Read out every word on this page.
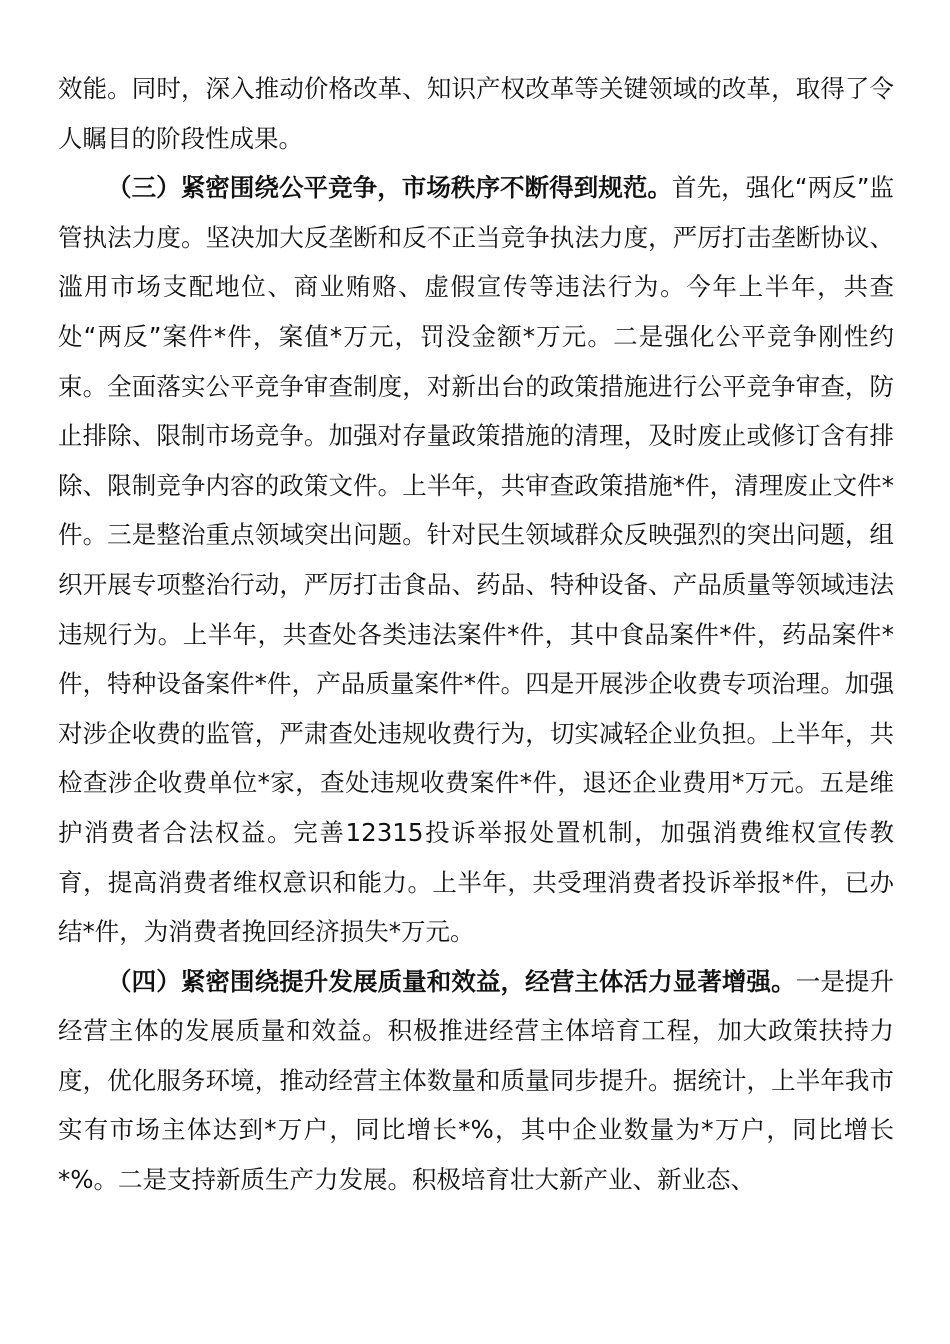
效能。同时，深入推动价格改革、知识产权改革等关键领域的改革，取得了令人瞩目的阶段性成果。

（三）紧密围绕公平竞争，市场秩序不断得到规范。首先，强化“两反”监管执法力度。坚决加大反垄断和反不正当竞争执法力度，严厉打击垄断协议、滥用市场支配地位、商业贿赂、虚假宣传等违法行为。今年上半年，共查处“两反”案件*件，案值*万元，罚没金额*万元。二是强化公平竞争刚性约束。全面落实公平竞争审查制度，对新出台的政策措施进行公平竞争审查，防止排除、限制市场竞争。加强对存量政策措施的清理，及时废止或修订含有排除、限制竞争内容的政策文件。上半年，共审查政策措施*件，清理废止文件*件。三是整治重点领域突出问题。针对民生领域群众反映强烈的突出问题，组织开展专项整治行动，严厉打击食品、药品、特种设备、产品质量等领域违法违规行为。上半年，共查处各类违法案件*件，其中食品案件*件，药品案件*件，特种设备案件*件，产品质量案件*件。四是开展涉企收费专项治理。加强对涉企收费的监管，严肃查处违规收费行为，切实减轻企业负担。上半年，共检查涉企收费单位*家，查处违规收费案件*件，退还企业费用*万元。五是维护消费者合法权益。完善12315投诉举报处置机制，加强消费维权宣传教育，提高消费者维权意识和能力。上半年，共受理消费者投诉举报*件，已办结*件，为消费者挽回经济损失*万元。

（四）紧密围绕提升发展质量和效益，经营主体活力显著增强。一是提升经营主体的发展质量和效益。积极推进经营主体培育工程，加大政策扶持力度，优化服务环境，推动经营主体数量和质量同步提升。据统计，上半年我市实有市场主体达到*万户，同比增长*%，其中企业数量为*万户，同比增长*%。二是支持新质生产力发展。积极培育壮大新产业、新业态、
